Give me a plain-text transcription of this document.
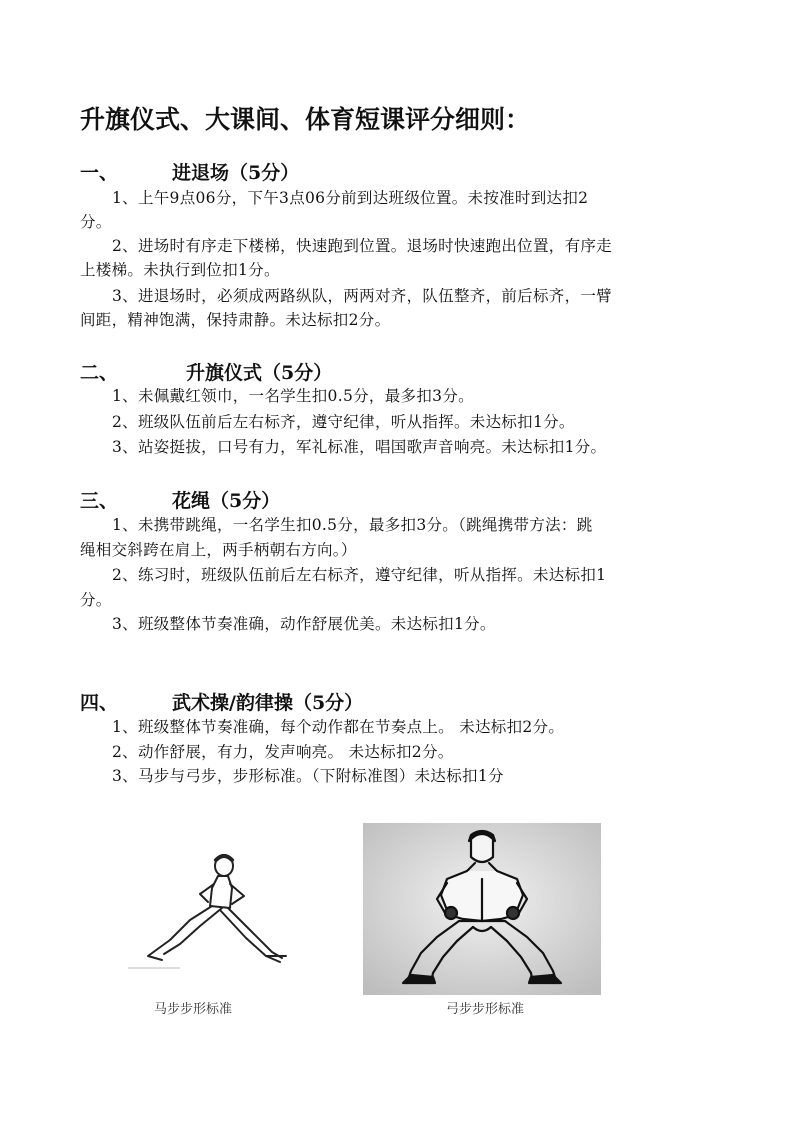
升旗仪式、大课间、体育短课评分细则：
一、	进退场（5分）
1、上午9点06分，下午3点06分前到达班级位置。未按准时到达扣2
分。
2、进场时有序走下楼梯，快速跑到位置。退场时快速跑出位置，有序走
上楼梯。未执行到位扣1分。
3、进退场时，必须成两路纵队，两两对齐，队伍整齐，前后标齐，一臂
间距，精神饱满，保持肃静。未达标扣2分。
二、	升旗仪式（5分）
1、未佩戴红领巾，一名学生扣0.5分，最多扣3分。
2、班级队伍前后左右标齐，遵守纪律，听从指挥。未达标扣1分。
3、站姿挺拔，口号有力，军礼标准，唱国歌声音响亮。未达标扣1分。
三、	花绳（5分）
1、未携带跳绳，一名学生扣0.5分，最多扣3分。（跳绳携带方法：跳
绳相交斜跨在肩上，两手柄朝右方向。）
2、练习时，班级队伍前后左右标齐，遵守纪律，听从指挥。未达标扣1
分。
3、班级整体节奏准确，动作舒展优美。未达标扣1分。
四、	武术操/韵律操（5分）
1、班级整体节奏准确，每个动作都在节奏点上。 未达标扣2分。
2、动作舒展，有力，发声响亮。 未达标扣2分。
3、马步与弓步，步形标准。（下附标准图）未达标扣1分
马步步形标准	弓步步形标准
